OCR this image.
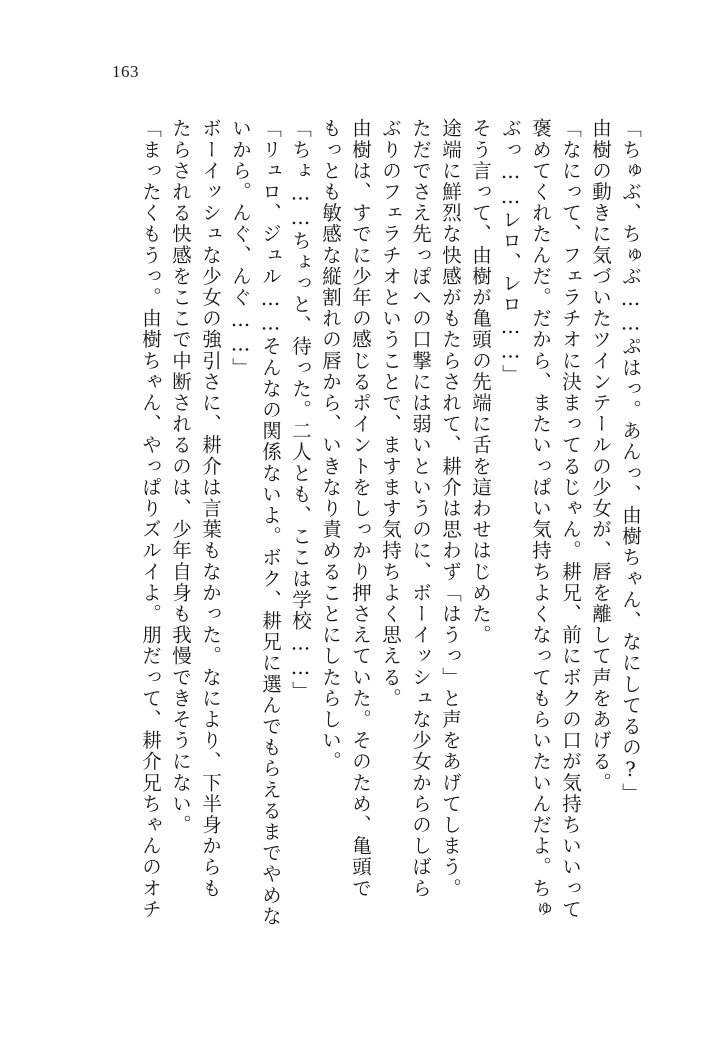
163
「ちゅぶ、ちゅぶ……ぷはっ。あんっ、由樹ちゃん、なにしてるの?」
由樹の動きに気づいたツインテールの少女が、唇を離して声をあげる。
「なにって、フェラチオに決まってるじゃん。耕兄、前にボクの口が気持ちいいって
褒めてくれたんだ。だから、またいっぱい気持ちよくなってもらいたいんだよ。ちゅ
ぶっ……レロ、レロ……」
そう言って、由樹が亀頭の先端に舌を這わせはじめた。
途端に鮮烈な快感がもたらされて、耕介は思わず「はうっ」と声をあげてしまう。
ただでさえ先っぽへの口撃には弱いというのに、ボーイッシュな少女からのしばら
ぶりのフェラチオということで、ますます気持ちよく思える。
由樹は、すでに少年の感じるポイントをしっかり押さえていた。そのため、亀頭で
もっとも敏感な縦割れの唇から、いきなり責めることにしたらしい。
「ちょ……ちょっと、待った。二人とも、ここは学校……」
「リュロ、ジュル……そんなの関係ないよ。ボク、耕兄に選んでもらえるまでやめな
いから。んぐ、んぐ……」
ボーイッシュな少女の強引さに、耕介は言葉もなかった。なにより、下半身からも
たらされる快感をここで中断されるのは、少年自身も我慢できそうにない。
「まったくもうっ。由樹ちゃん、やっぱりズルイよ。朋だって、耕介兄ちゃんのオチ
